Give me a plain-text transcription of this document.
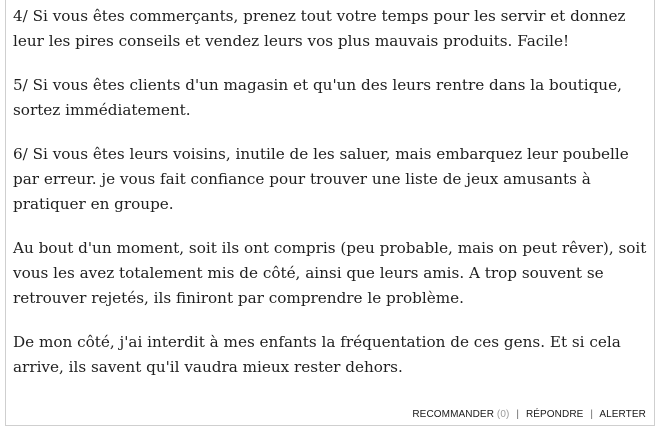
4/ Si vous êtes commerçants, prenez tout votre temps pour les servir et donnez leur les pires conseils et vendez leurs vos plus mauvais produits. Facile!

5/ Si vous êtes clients d'un magasin et qu'un des leurs rentre dans la boutique, sortez immédiatement.

6/ Si vous êtes leurs voisins, inutile de les saluer, mais embarquez leur poubelle par erreur. je vous fait confiance pour trouver une liste de jeux amusants à pratiquer en groupe.

Au bout d'un moment, soit ils ont compris (peu probable, mais on peut rêver), soit vous les avez totalement mis de côté, ainsi que leurs amis. A trop souvent se retrouver rejetés, ils finiront par comprendre le problème.

De mon côté, j'ai interdit à mes enfants la fréquentation de ces gens. Et si cela arrive, ils savent qu'il vaudra mieux rester dehors.

RECOMMANDER (0) | RÉPONDRE | ALERTER
